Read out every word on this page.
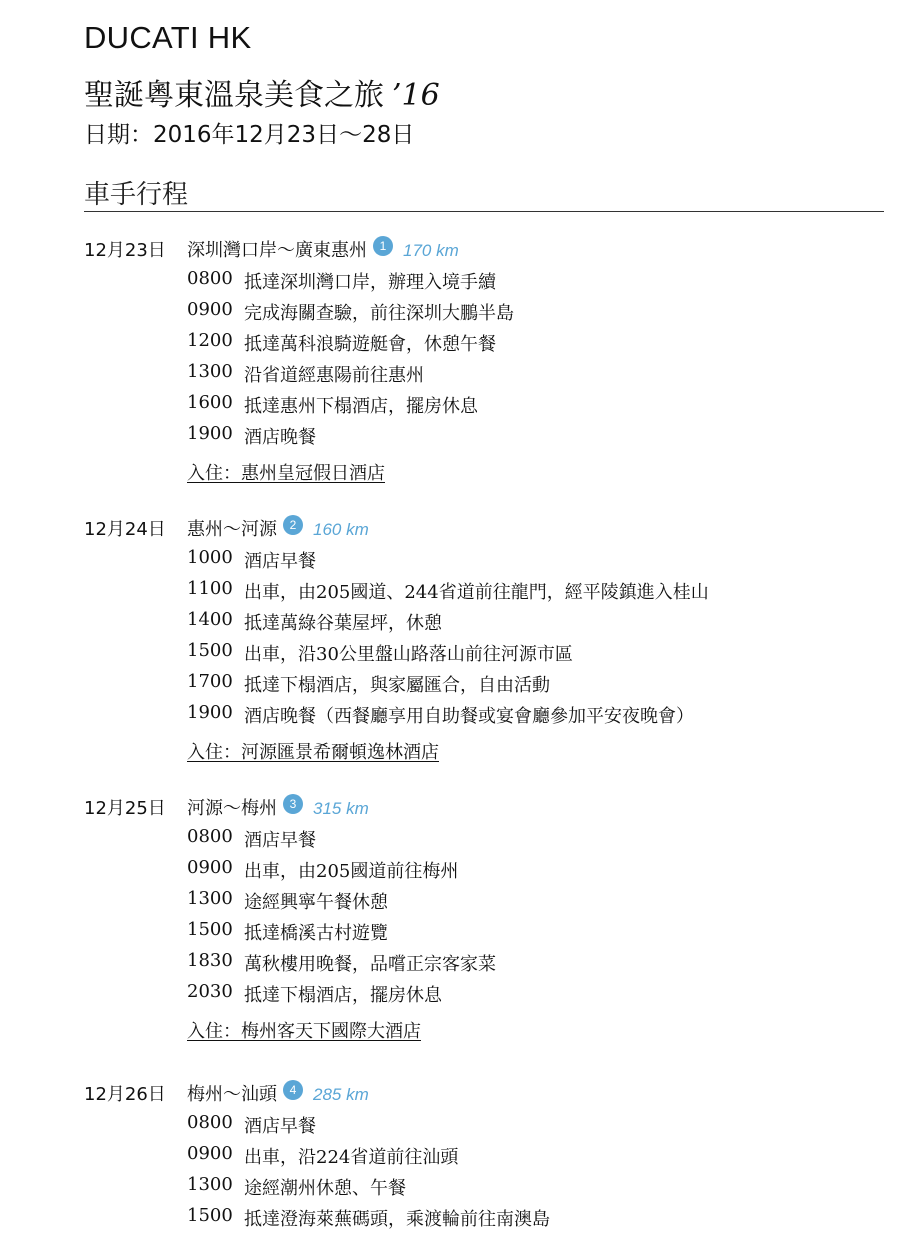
DUCATI HK
聖誕粵東溫泉美食之旅 ’16
日期：2016年12月23日～28日
車手行程
12月23日 深圳灣口岸～廣東惠州 1 170 km
0800 抵達深圳灣口岸，辦理入境手續
0900 完成海關查驗，前往深圳大鵬半島
1200 抵達萬科浪騎遊艇會，休憩午餐
1300 沿省道經惠陽前往惠州
1600 抵達惠州下榻酒店，擺房休息
1900 酒店晚餐
入住：惠州皇冠假日酒店
12月24日 惠州～河源 2 160 km
1000 酒店早餐
1100 出車，由205國道、244省道前往龍門，經平陵鎮進入桂山
1400 抵達萬綠谷葉屋坪，休憩
1500 出車，沿30公里盤山路落山前往河源市區
1700 抵達下榻酒店，與家屬匯合，自由活動
1900 酒店晚餐（西餐廳享用自助餐或宴會廳參加平安夜晚會）
入住：河源匯景希爾頓逸林酒店
12月25日 河源～梅州 3 315 km
0800 酒店早餐
0900 出車，由205國道前往梅州
1300 途經興寧午餐休憩
1500 抵達橋溪古村遊覽
1830 萬秋樓用晚餐，品嚐正宗客家菜
2030 抵達下榻酒店，擺房休息
入住：梅州客天下國際大酒店
12月26日 梅州～汕頭 4 285 km
0800 酒店早餐
0900 出車，沿224省道前往汕頭
1300 途經潮州休憩、午餐
1500 抵達澄海萊蕪碼頭，乘渡輪前往南澳島
